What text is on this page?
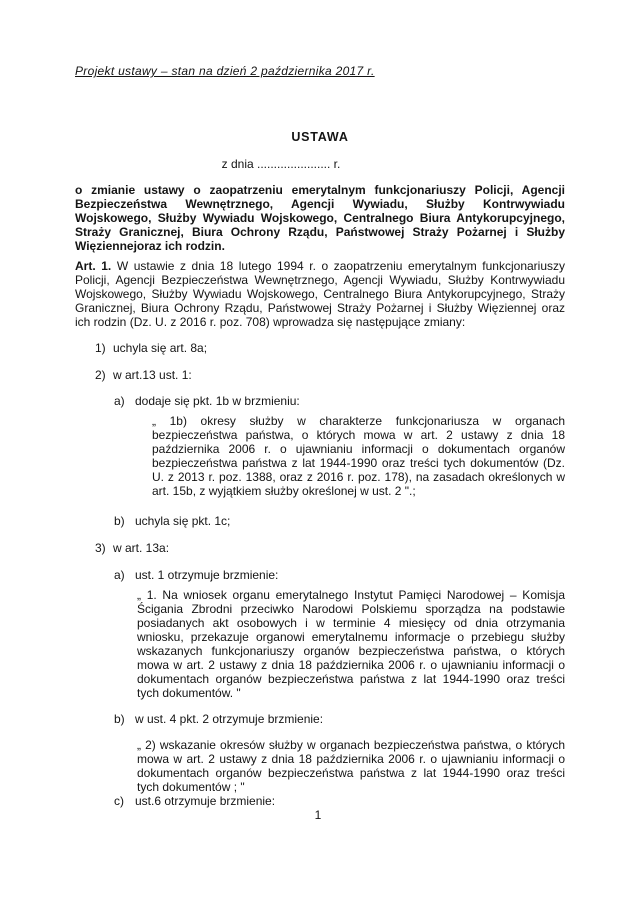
Projekt ustawy – stan na dzień 2 października 2017 r.
USTAWA
z dnia ...................... r.

o zmianie ustawy o zaopatrzeniu emerytalnym funkcjonariuszy Policji, Agencji Bezpieczeństwa Wewnętrznego, Agencji Wywiadu, Służby Kontrwywiadu Wojskowego, Służby Wywiadu Wojskowego, Centralnego Biura Antykorupcyjnego, Straży Granicznej, Biura Ochrony Rządu, Państwowej Straży Pożarnej i Służby Więziennejoraz ich rodzin.

Art. 1. W ustawie z dnia 18 lutego 1994 r. o zaopatrzeniu emerytalnym funkcjonariuszy Policji, Agencji Bezpieczeństwa Wewnętrznego, Agencji Wywiadu, Służby Kontrwywiadu Wojskowego, Służby Wywiadu Wojskowego, Centralnego Biura Antykorupcyjnego, Straży Granicznej, Biura Ochrony Rządu, Państwowej Straży Pożarnej i Służby Więziennej oraz ich rodzin (Dz. U. z 2016 r. poz. 708) wprowadza się następujące zmiany:

1) uchyla się art. 8a;
2) w art.13 ust. 1:
a) dodaje się pkt. 1b w brzmieniu:
„ 1b) okresy służby w charakterze funkcjonariusza w organach bezpieczeństwa państwa, o których mowa w art. 2 ustawy z dnia 18 października 2006 r. o ujawnianiu informacji o dokumentach organów bezpieczeństwa państwa z lat 1944-1990 oraz treści tych dokumentów (Dz. U. z 2013 r. poz. 1388, oraz z 2016 r. poz. 178), na zasadach określonych w art. 15b, z wyjątkiem służby określonej w ust. 2 ".;
b) uchyla się pkt. 1c;
3) w art. 13a:
a) ust. 1 otrzymuje brzmienie:
„ 1. Na wniosek organu emerytalnego Instytut Pamięci Narodowej – Komisja Ścigania Zbrodni przeciwko Narodowi Polskiemu sporządza na podstawie posiadanych akt osobowych i w terminie 4 miesięcy od dnia otrzymania wniosku, przekazuje organowi emerytalnemu informacje o przebiegu służby wskazanych funkcjonariuszy organów bezpieczeństwa państwa, o których mowa w art. 2 ustawy z dnia 18 października 2006 r. o ujawnianiu informacji o dokumentach organów bezpieczeństwa państwa z lat 1944-1990 oraz treści tych dokumentów. "
b) w ust. 4 pkt. 2 otrzymuje brzmienie:
„ 2) wskazanie okresów służby w organach bezpieczeństwa państwa, o których mowa w art. 2 ustawy z dnia 18 października 2006 r. o ujawnianiu informacji o dokumentach organów bezpieczeństwa państwa z lat 1944-1990 oraz treści tych dokumentów ; "
c) ust.6 otrzymuje brzmienie:
1
